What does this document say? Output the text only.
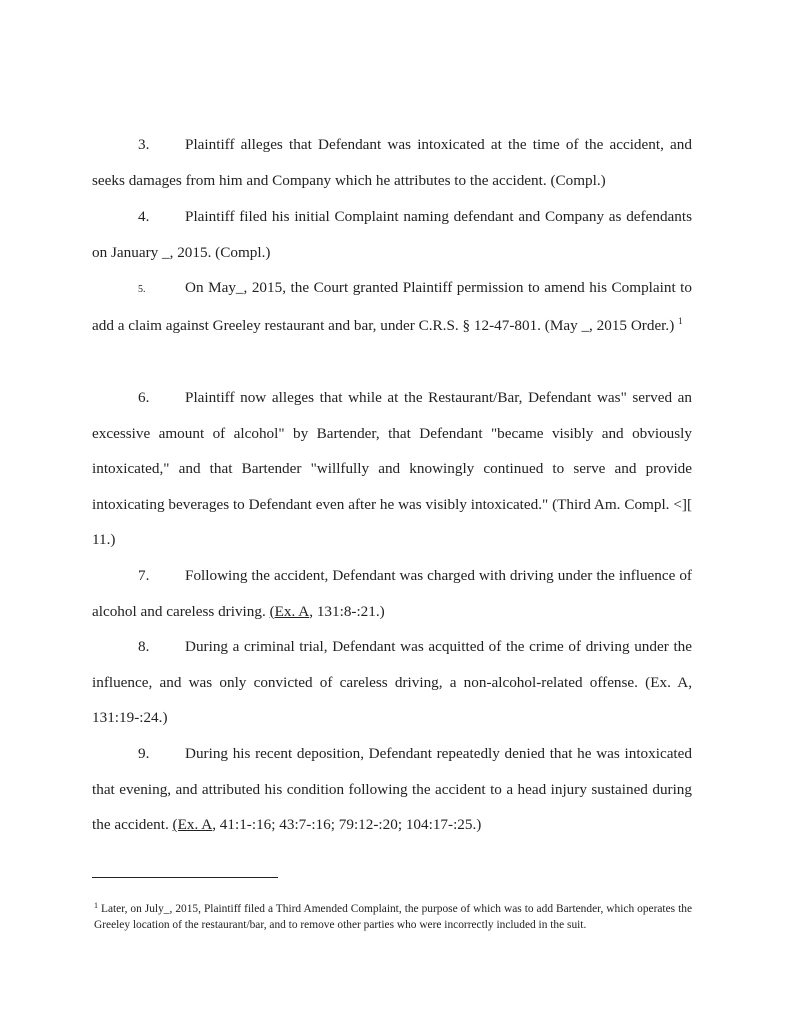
3. Plaintiff alleges that Defendant was intoxicated at the time of the accident, and seeks damages from him and Company which he attributes to the accident. (Compl.)

4. Plaintiff filed his initial Complaint naming defendant and Company as defendants on January _, 2015. (Compl.)

5.	On May_, 2015, the Court granted Plaintiff permission to amend his Complaint to add a claim against Greeley restaurant and bar, under C.R.S. § 12-47-801. (May _, 2015 Order.) $^1$

6. Plaintiff now alleges that while at the Restaurant/Bar, Defendant was" served an excessive amount of alcohol" by Bartender, that Defendant "became visibly and obviously intoxicated," and that Bartender "willfully and knowingly continued to serve and provide intoxicating beverages to Defendant even after he was visibly intoxicated." (Third Am. Compl. <][ 11.)

7. Following the accident, Defendant was charged with driving under the influence of alcohol and careless driving. (Ex. A, 131:8-:21.)

8. During a criminal trial, Defendant was acquitted of the crime of driving under the influence, and was only convicted of careless driving, a non-alcohol-related offense. (Ex. A, 131:19-:24.)

9. During his recent deposition, Defendant repeatedly denied that he was intoxicated that evening, and attributed his condition following the accident to a head injury sustained during the accident. (Ex. A, 41:1-:16; 43:7-:16; 79:12-:20; 104:17-:25.)

$^1$ Later, on July_, 2015, Plaintiff filed a Third Amended Complaint, the purpose of which was to add Bartender, which operates the Greeley location of the restaurant/bar, and to remove other parties who were incorrectly included in the suit.
